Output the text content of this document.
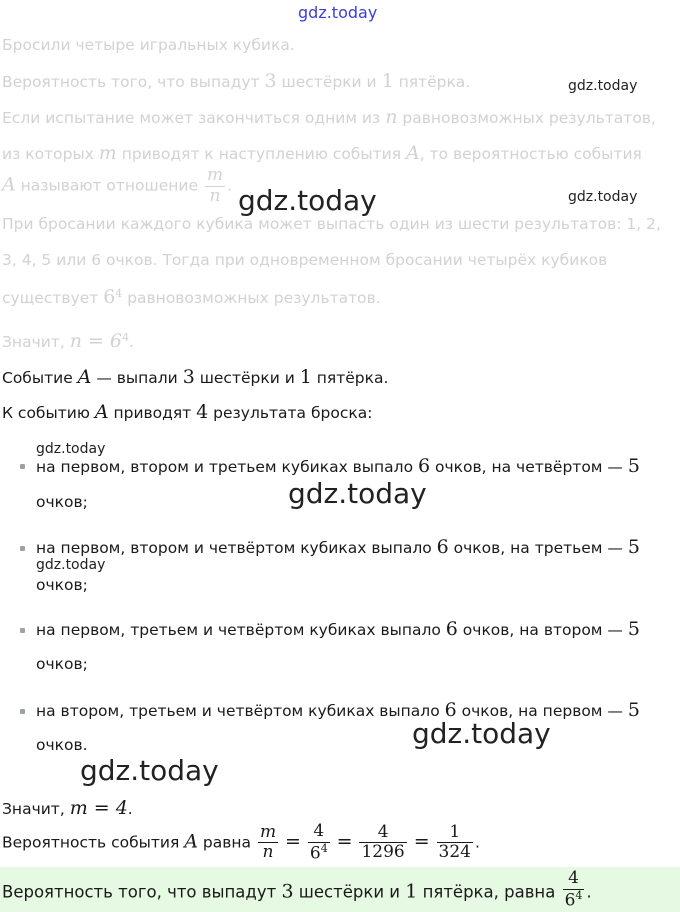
gdz.today
Бросили четыре игральных кубика.
Вероятность того, что выпадут 3 шестёрки и 1 пятёрка.
Если испытание может закончиться одним из n равновозможных результатов,
из которых m приводят к наступлению события A, то вероятностью события
A называют отношение $\frac{m}{n}$ .
При бросании каждого кубика может выпасть один из шести результатов: 1, 2,
3, 4, 5 или 6 очков. Тогда при одновременном бросании четырёх кубиков
существует $6^4$ равновозможных результатов.
Значит, $n = 6^4$.
Событие A — выпали 3 шестёрки и 1 пятёрка.
К событию A приводят 4 результата броска:
на первом, втором и третьем кубиках выпало 6 очков, на четвёртом — 5
очков;
на первом, втором и четвёртом кубиках выпало 6 очков, на третьем — 5
очков;
на первом, третьем и четвёртом кубиках выпало 6 очков, на втором — 5
очков;
на втором, третьем и четвёртом кубиках выпало 6 очков, на первом — 5
очков.
Значит, m = 4.
Вероятность события A равна $\frac{m}{n} = \frac{4}{6^4} = \frac{4}{1296} = \frac{1}{324}$ .
Вероятность того, что выпадут 3 шестёрки и 1 пятёрка, равна $\frac{4}{6^4}$ .
gdz.today
gdz.today	gdz.today
gdz.today
gdz.today
gdz.today
gdz.today
gdz.today
